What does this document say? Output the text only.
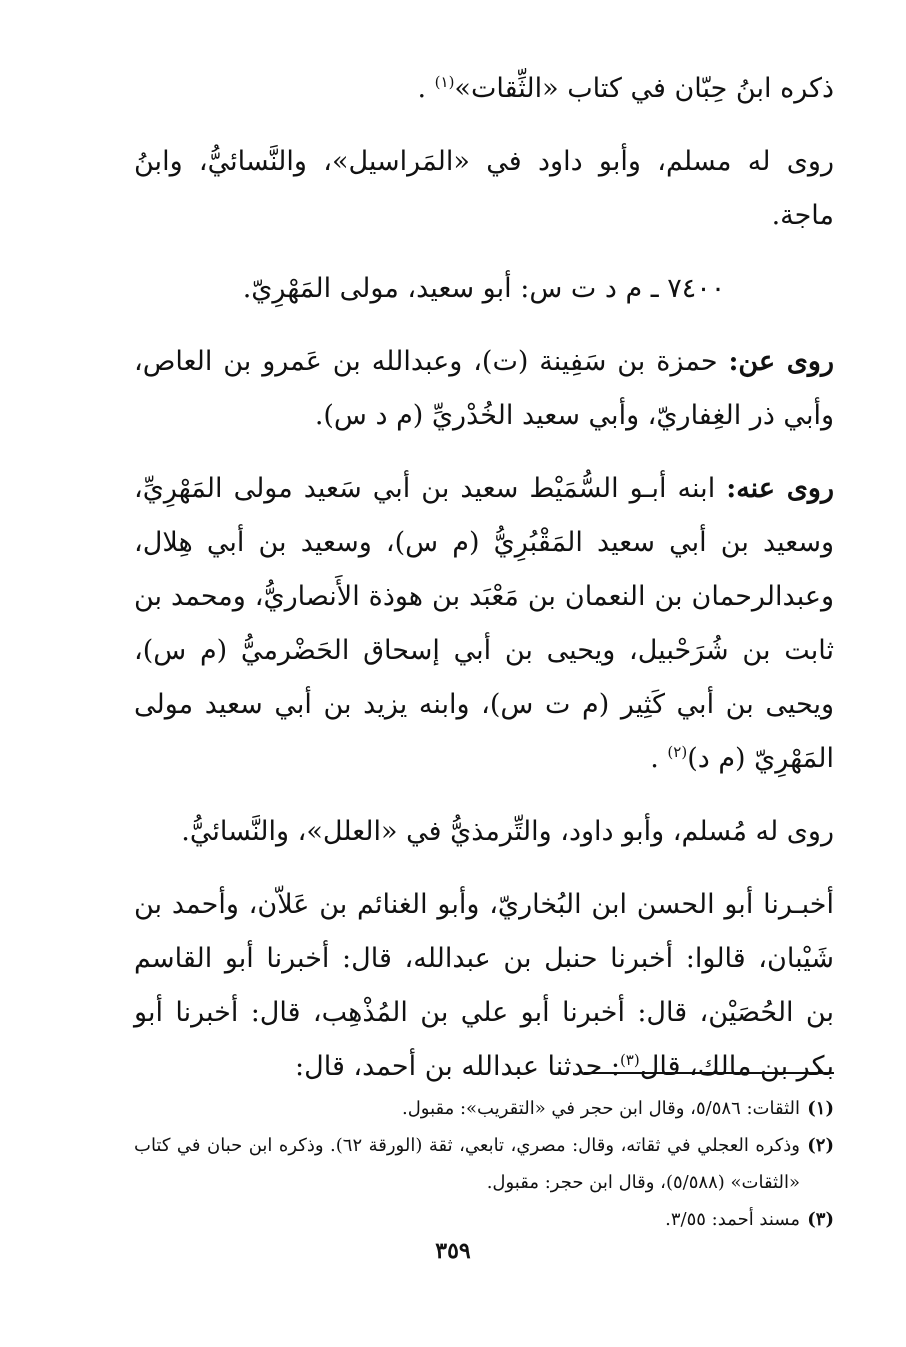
ذكره ابنُ حِبّان في كتاب «الثِّقات»$^{(١)}$ .

روى له مسلم، وأبو داود في «المَراسيل»، والنَّسائيُّ، وابنُ ماجة.

٧٤٠٠ ـ م د ت س: أبو سعيد، مولى المَهْرِيّ.

روى عن: حمزة بن سَفِينة (ت)، وعبدالله بن عَمرو بن العاص، وأبي ذر الغِفاريّ، وأبي سعيد الخُدْريِّ (م د س).

روى عنه: ابنه أبـو السُّمَيْط سعيد بن أبي سَعيد مولى المَهْرِيِّ، وسعيد بن أبي سعيد المَقْبُرِيُّ (م س)، وسعيد بن أبي هِلال، وعبدالرحمان بن النعمان بن مَعْبَد بن هوذة الأَنصاريُّ، ومحمد بن ثابت بن شُرَحْبيل، ويحيى بن أبي إسحاق الحَضْرميُّ (م س)، ويحيى بن أبي كَثِير (م ت س)، وابنه يزيد بن أبي سعيد مولى المَهْرِيّ (م د)$^{(٢)}$ .

روى له مُسلم، وأبو داود، والتِّرمذيُّ في «العلل»، والنَّسائيُّ.

أخبـرنا أبو الحسن ابن البُخاريّ، وأبو الغنائم بن عَلاّن، وأحمد بن شَيْبان، قالوا: أخبرنا حنبل بن عبدالله، قال: أخبرنا أبو القاسم بن الحُصَيْن، قال: أخبرنا أبو علي بن المُذْهِب، قال: أخبرنا أبو بكر بن مالك، قال$^{(٣)}$: حدثنا عبدالله بن أحمد، قال:

(١)
الثقات: ٥/٥٨٦، وقال ابن حجر في «التقريب»: مقبول.
(٢)
وذكره العجلي في ثقاته، وقال: مصري، تابعي، ثقة (الورقة ٦٢). وذكره ابن حبان في كتاب «الثقات» (٥/٥٨٨)، وقال ابن حجر: مقبول.
(٣)
مسند أحمد: ٣/٥٥.
٣٥٩
